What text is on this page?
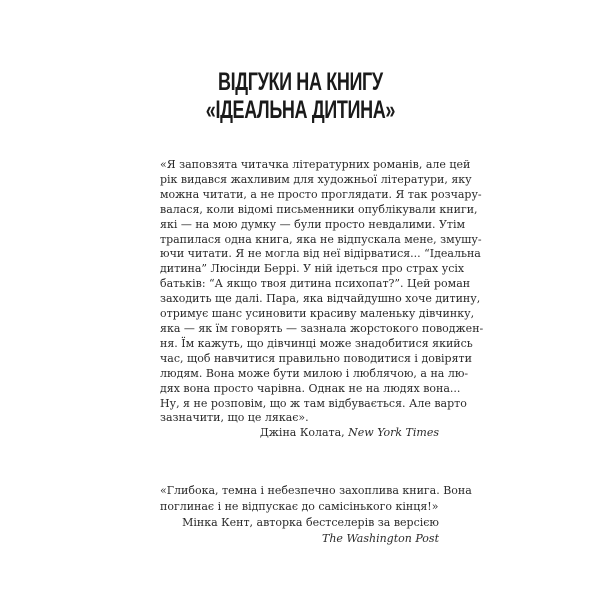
ВІДГУКИ НА КНИГУ
«ІДЕАЛЬНА ДИТИНА»
«Я заповзята читачка літературних романів, але цей
рік видався жахливим для художньої літератури, яку
можна читати, а не просто проглядати. Я так розчару-
валася, коли відомі письменники опублікували книги,
які — на мою думку — були просто невдалими. Утім
трапилася одна книга, яка не відпускала мене, змушу-
ючи читати. Я не могла від неї відірватися... “Ідеальна
дитина” Люсінди Беррі. У ній ідеться про страх усіх
батьків: “А якщо твоя дитина психопат?”. Цей роман
заходить ще далі. Пара, яка відчайдушно хоче дитину,
отримує шанс усиновити красиву маленьку дівчинку,
яка — як їм говорять — зазнала жорстокого поводжен-
ня. Їм кажуть, що дівчинці може знадобитися якийсь
час, щоб навчитися правильно поводитися і довіряти
людям. Вона може бути милою і люблячою, а на лю-
дях вона просто чарівна. Однак не на людях вона...
Ну, я не розповім, що ж там відбувається. Але варто
зазначити, що це лякає».
Джіна Колата, New York Times
«Глибока, темна і небезпечно захоплива книга. Вона
поглинає і не відпускає до самісінького кінця!»
Мінка Кент, авторка бестселерів за версією
The Washington Post
